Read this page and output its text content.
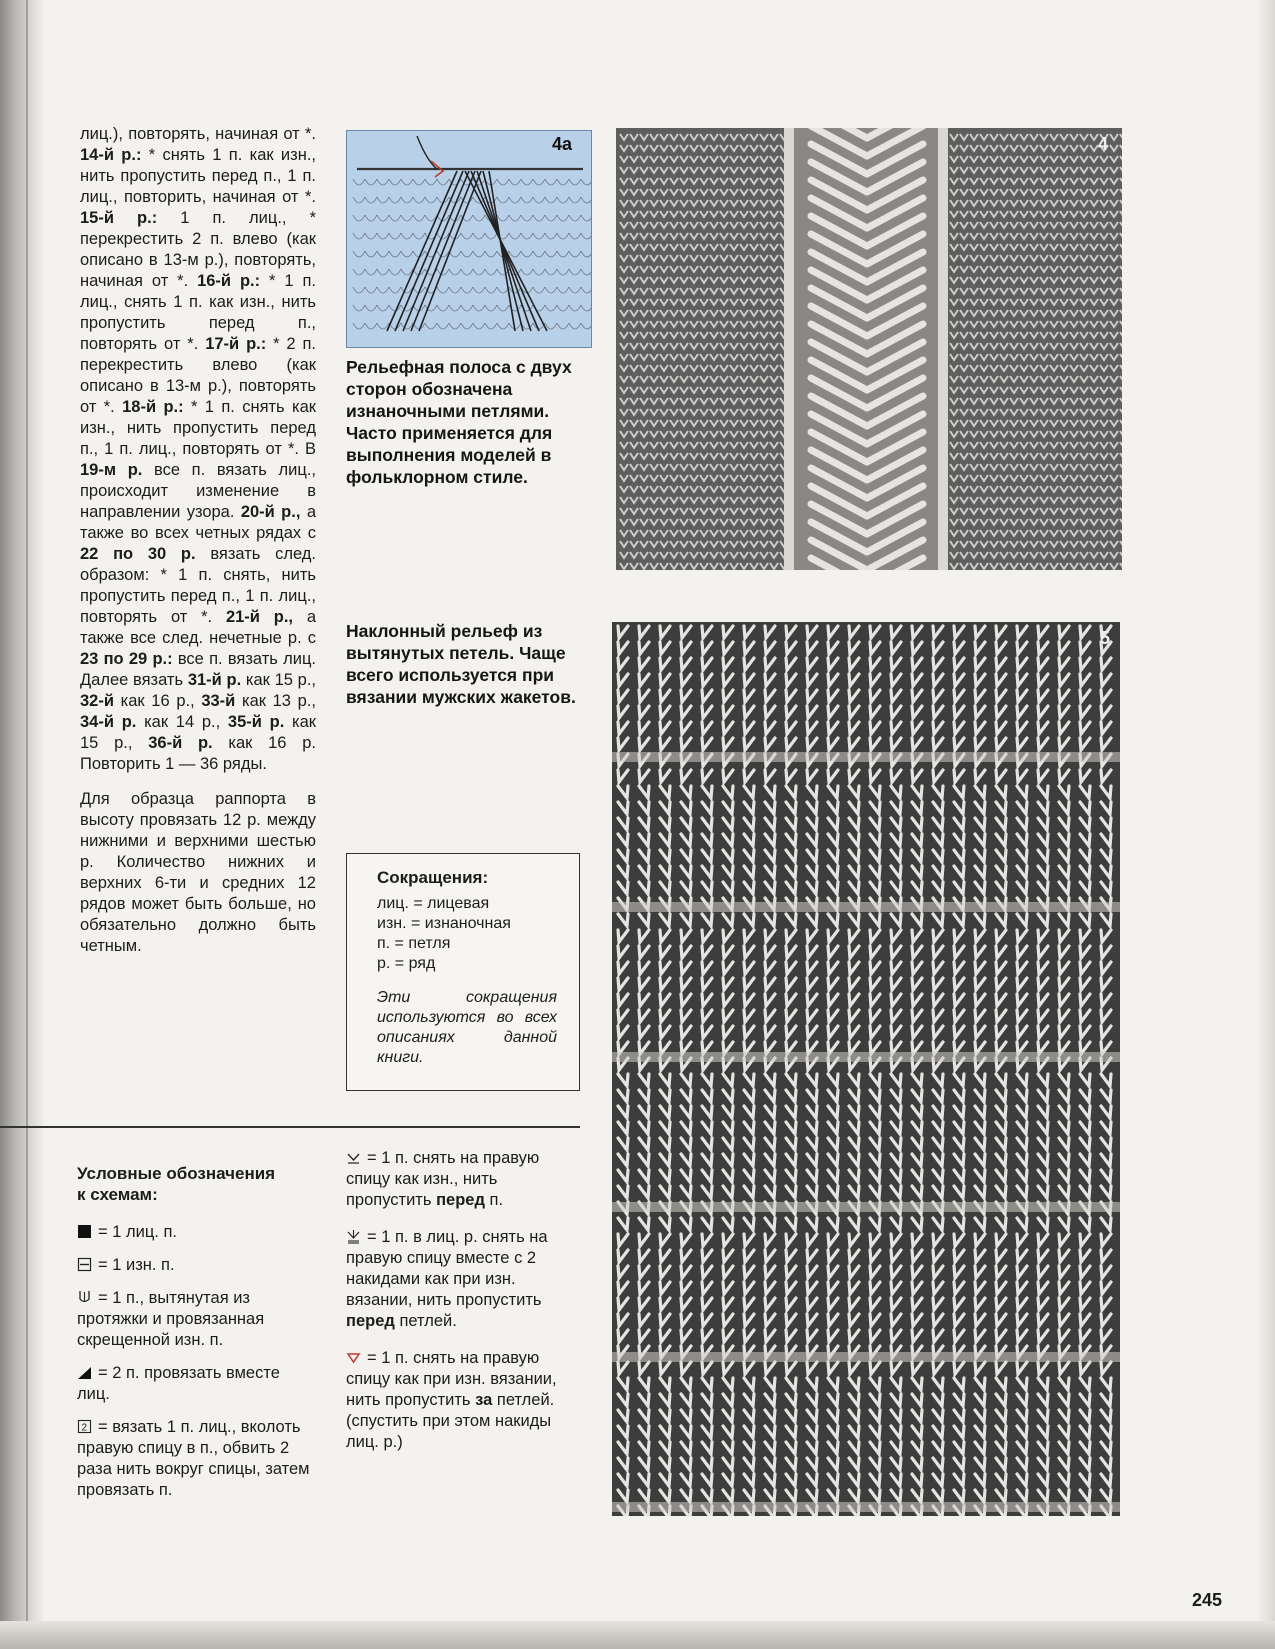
лиц.), повторять, начиная от *. 14-й р.: * снять 1 п. как изн., нить пропустить перед п., 1 п. лиц., повторить, начиная от *. 15-й р.: 1 п. лиц., * перекрестить 2 п. влево (как описано в 13-м р.), повторять, начиная от *. 16-й р.: * 1 п. лиц., снять 1 п. как изн., нить пропустить перед п., повторять от *. 17-й р.: * 2 п. перекрестить влево (как описано в 13-м р.), повторять от *. 18-й р.: * 1 п. снять как изн., нить пропустить перед п., 1 п. лиц., повторять от *. В 19-м р. все п. вязать лиц., происходит изменение в направлении узора. 20-й р., а также во всех четных рядах с 22 по 30 р. вязать след. образом: * 1 п. снять, нить пропустить перед п., 1 п. лиц., повторять от *. 21-й р., а также все след. нечетные р. с 23 по 29 р.: все п. вязать лиц. Далее вязать 31-й р. как 15 р., 32-й как 16 р., 33-й как 13 р., 34-й р. как 14 р., 35-й р. как 15 р., 36-й р. как 16 р. Повторить 1 — 36 ряды.

Для образца раппорта в высоту провязать 12 р. между нижними и верхними шестью р. Количество нижних и верхних 6-ти и средних 12 рядов может быть больше, но обязательно должно быть четным.

4a
Рельефная полоса с двух сторон обозначена изнаночными петлями. Часто применяется для выполнения моделей в фольклорном стиле.
4
Наклонный рельеф из вытянутых петель. Чаще всего используется при вязании мужских жакетов.
5
Сокращения:
лиц. = лицевая
изн. = изнаночная
п. = петля
р. = ряд
Эти сокращения используются во всех описаниях данной книги.
Условные обозначения
к схемам:
= 1 лиц. п.
= 1 изн. п.
= 1 п., вытянутая из протяжки и провязанная скрещенной изн. п.
= 2 п. провязать вместе лиц.
2 = вязать 1 п. лиц., вколоть правую спицу в п., обвить 2 раза нить вокруг спицы, затем провязать п.
= 1 п. снять на правую спицу как изн., нить пропустить перед п.
= 1 п. в лиц. р. снять на правую спицу вместе с 2 накидами как при изн. вязании, нить пропустить перед петлей.
= 1 п. снять на правую спицу как при изн. вязании, нить пропустить за петлей. (спустить при этом накиды лиц. р.)
245
